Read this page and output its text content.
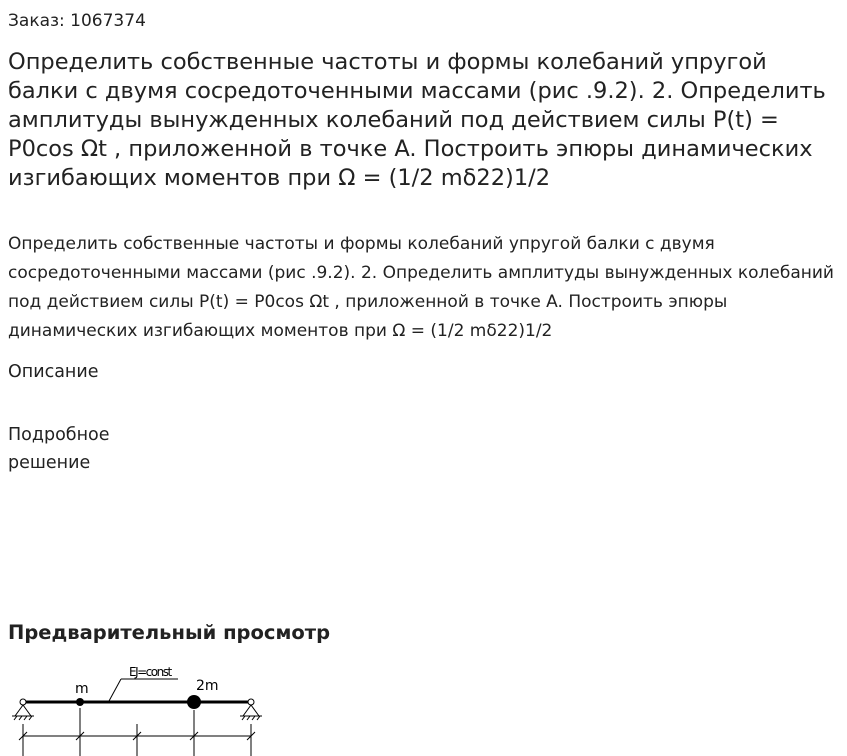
Заказ: 1067374
Определить собственные частоты и формы колебаний упругой балки с двумя сосредоточенными массами (рис .9.2). 2. Определить амплитуды вынужденных колебаний под действием силы P(t) = P0cos Ωt , приложенной в точке A. Построить эпюры динамических изгибающих моментов при Ω = (1/2 mδ22)1/2
Определить собственные частоты и формы колебаний упругой балки с двумя сосредоточенными массами (рис .9.2). 2. Определить амплитуды вынужденных колебаний под действием силы P(t) = P0cos Ωt , приложенной в точке A. Построить эпюры динамических изгибающих моментов при Ω = (1/2 mδ22)1/2
Описание
Подробное решение
Предварительный просмотр
m	2m
EJ=const
